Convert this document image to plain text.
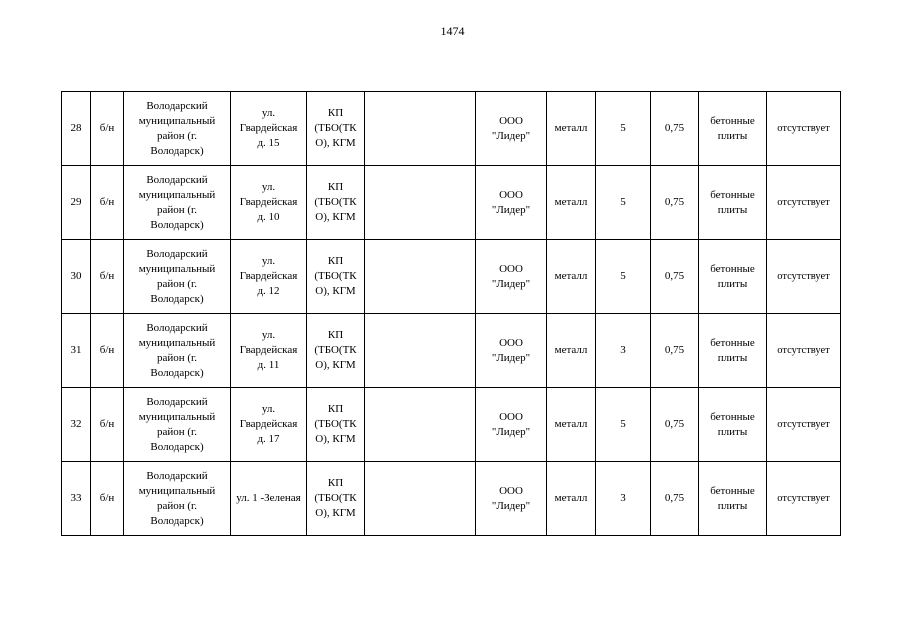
1474
28	б/н	Володарский
муниципальный
район (г.
Володарск)	ул.
Гвардейская
д. 15	КП
(ТБО(ТК
О), КГМ		ООО
"Лидер"	металл	5	0,75	бетонные
плиты	отсутствует
29	б/н	Володарский
муниципальный
район (г.
Володарск)	ул.
Гвардейская
д. 10	КП
(ТБО(ТК
О), КГМ		ООО
"Лидер"	металл	5	0,75	бетонные
плиты	отсутствует
30	б/н	Володарский
муниципальный
район (г.
Володарск)	ул.
Гвардейская
д. 12	КП
(ТБО(ТК
О), КГМ		ООО
"Лидер"	металл	5	0,75	бетонные
плиты	отсутствует
31	б/н	Володарский
муниципальный
район (г.
Володарск)	ул.
Гвардейская
д. 11	КП
(ТБО(ТК
О), КГМ		ООО
"Лидер"	металл	3	0,75	бетонные
плиты	отсутствует
32	б/н	Володарский
муниципальный
район (г.
Володарск)	ул.
Гвардейская
д. 17	КП
(ТБО(ТК
О), КГМ		ООО
"Лидер"	металл	5	0,75	бетонные
плиты	отсутствует
33	б/н	Володарский
муниципальный
район (г.
Володарск)	ул. 1 -Зеленая	КП
(ТБО(ТК
О), КГМ		ООО
"Лидер"	металл	3	0,75	бетонные
плиты	отсутствует
